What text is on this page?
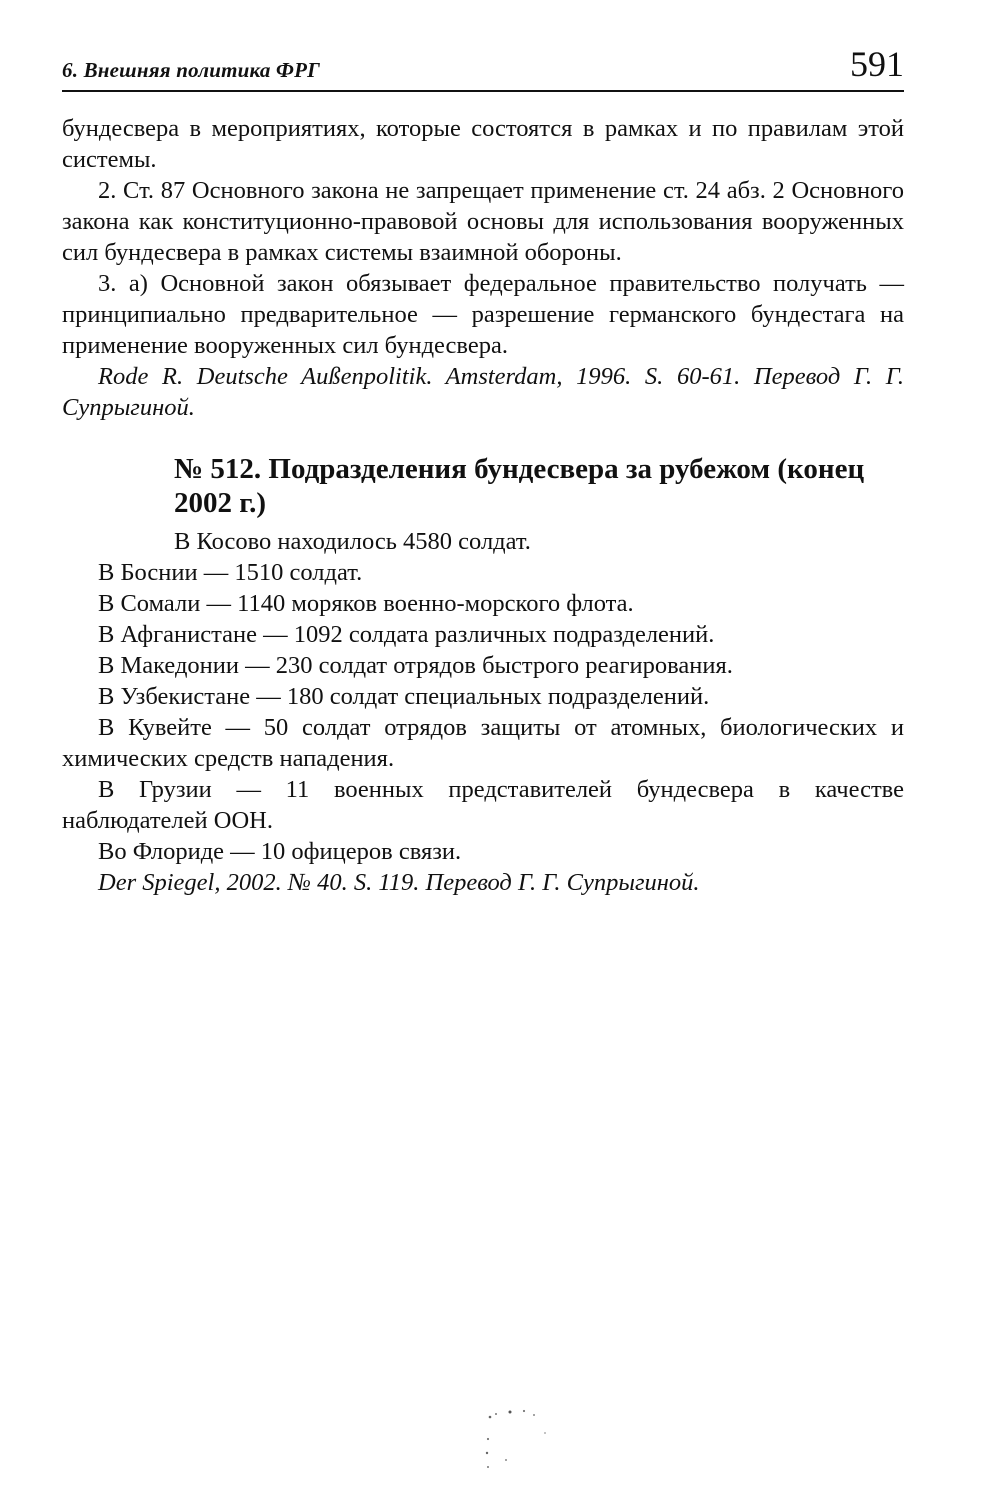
6. Внешняя политика ФРГ	591

бундесвера в мероприятиях, которые состоятся в рамках и по правилам этой системы.

2. Ст. 87 Основного закона не запрещает применение ст. 24 абз. 2 Основного закона как конституционно-правовой основы для использования вооруженных сил бундесвера в рамках системы взаимной обороны.

3. а) Основной закон обязывает федеральное правительство получать — принципиально предварительное — разрешение германского бундестага на применение вооруженных сил бундесвера.

Rode R. Deutsche Außenpolitik. Amsterdam, 1996. S. 60-61. Перевод Г. Г. Супрыгиной.

№ 512. Подразделения бундесвера за рубежом (конец 2002 г.)

В Косово находилось 4580 солдат.

В Боснии — 1510 солдат.

В Сомали — 1140 моряков военно-морского флота.

В Афганистане — 1092 солдата различных подразделений.

В Македонии — 230 солдат отрядов быстрого реагирования.

В Узбекистане — 180 солдат специальных подразделений.

В Кувейте — 50 солдат отрядов защиты от атомных, биологических и химических средств нападения.

В Грузии — 11 военных представителей бундесвера в качестве наблюдателей ООН.

Во Флориде — 10 офицеров связи.

Der Spiegel, 2002. № 40. S. 119. Перевод Г. Г. Супрыгиной.
